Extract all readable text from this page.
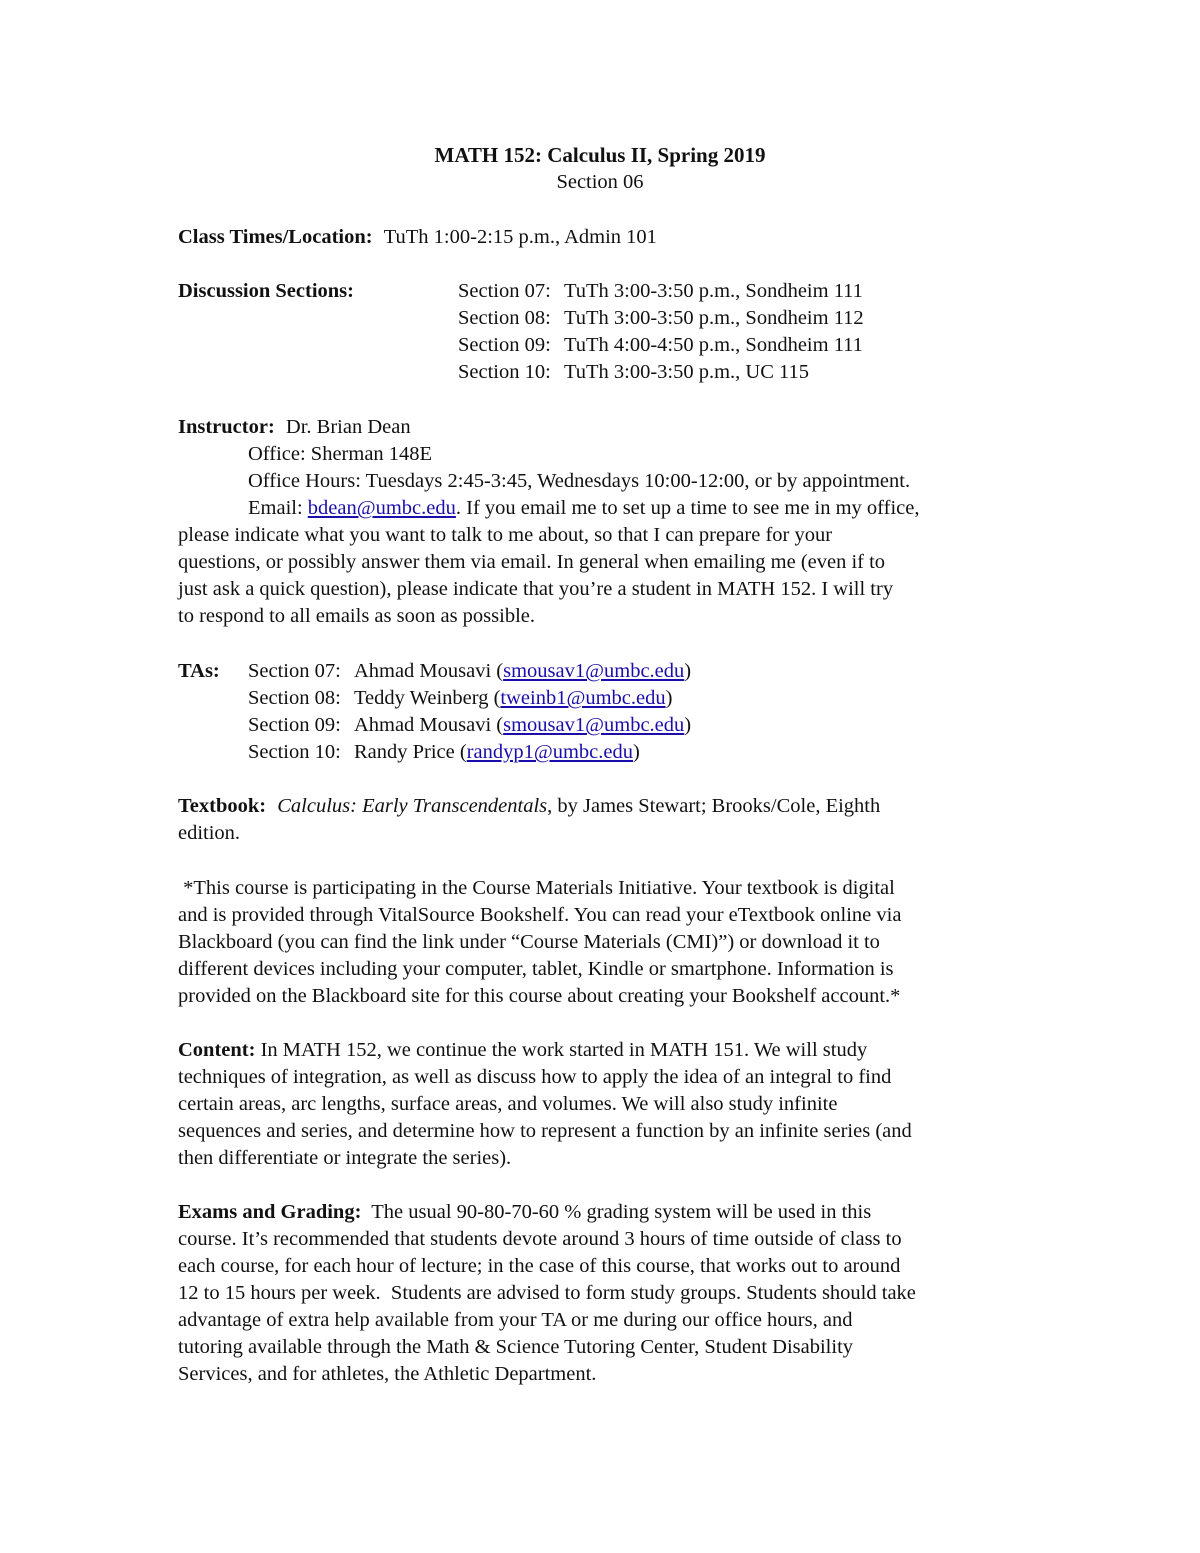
MATH 152: Calculus II, Spring 2019
Section 06
Class Times/Location: TuTh 1:00-2:15 p.m., Admin 101
Discussion Sections:	Section 07: TuTh 3:00-3:50 p.m., Sondheim 111
Section 08: TuTh 3:00-3:50 p.m., Sondheim 112
Section 09: TuTh 4:00-4:50 p.m., Sondheim 111
Section 10: TuTh 3:00-3:50 p.m., UC 115
Instructor: Dr. Brian Dean
Office: Sherman 148E
Office Hours: Tuesdays 2:45-3:45, Wednesdays 10:00-12:00, or by appointment.
Email: bdean@umbc.edu. If you email me to set up a time to see me in my office,
please indicate what you want to talk to me about, so that I can prepare for your
questions, or possibly answer them via email. In general when emailing me (even if to
just ask a quick question), please indicate that you’re a student in MATH 152. I will try
to respond to all emails as soon as possible.
TAs: Section 07: Ahmad Mousavi (smousav1@umbc.edu)
Section 08: Teddy Weinberg (tweinb1@umbc.edu)
Section 09: Ahmad Mousavi (smousav1@umbc.edu)
Section 10: Randy Price (randyp1@umbc.edu)
Textbook: Calculus: Early Transcendentals, by James Stewart; Brooks/Cole, Eighth
edition.
*This course is participating in the Course Materials Initiative. Your textbook is digital
and is provided through VitalSource Bookshelf. You can read your eTextbook online via
Blackboard (you can find the link under “Course Materials (CMI)”) or download it to
different devices including your computer, tablet, Kindle or smartphone. Information is
provided on the Blackboard site for this course about creating your Bookshelf account.*
Content: In MATH 152, we continue the work started in MATH 151. We will study
techniques of integration, as well as discuss how to apply the idea of an integral to find
certain areas, arc lengths, surface areas, and volumes. We will also study infinite
sequences and series, and determine how to represent a function by an infinite series (and
then differentiate or integrate the series).
Exams and Grading:  The usual 90-80-70-60 % grading system will be used in this
course. It’s recommended that students devote around 3 hours of time outside of class to
each course, for each hour of lecture; in the case of this course, that works out to around
12 to 15 hours per week.  Students are advised to form study groups. Students should take
advantage of extra help available from your TA or me during our office hours, and
tutoring available through the Math & Science Tutoring Center, Student Disability
Services, and for athletes, the Athletic Department.
